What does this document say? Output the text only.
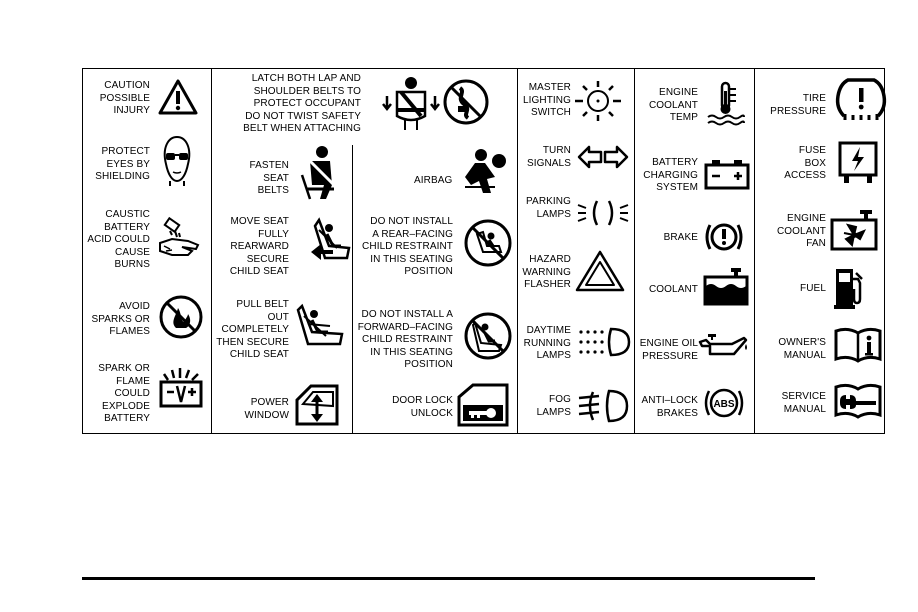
CAUTION
POSSIBLE
INJURY
PROTECT
EYES BY
SHIELDING
CAUSTIC
BATTERY
ACID COULD
CAUSE
BURNS
AVOID
SPARKS OR
FLAMES
SPARK OR
FLAME
COULD
EXPLODE
BATTERY
LATCH BOTH LAP AND
SHOULDER BELTS TO
PROTECT OCCUPANT
DO NOT TWIST SAFETY
BELT WHEN ATTACHING
FASTEN
SEAT
BELTS
MOVE SEAT
FULLY
REARWARD
SECURE
CHILD SEAT
PULL BELT
OUT
COMPLETELY
THEN SECURE
CHILD SEAT
POWER
WINDOW
AIRBAG
DO NOT INSTALL
A REAR–FACING
CHILD RESTRAINT
IN THIS SEATING
POSITION
DO NOT INSTALL A
FORWARD–FACING
CHILD RESTRAINT
IN THIS SEATING
POSITION
DOOR LOCK
UNLOCK
MASTER
LIGHTING
SWITCH
TURN
SIGNALS
PARKING
LAMPS
HAZARD
WARNING
FLASHER
DAYTIME
RUNNING
LAMPS
FOG
LAMPS
ENGINE
COOLANT
TEMP
BATTERY
CHARGING
SYSTEM
BRAKE
COOLANT
ENGINE OIL
PRESSURE
ANTI–LOCK
BRAKES
ABS
TIRE
PRESSURE
FUSE
BOX
ACCESS
ENGINE
COOLANT
FAN
FUEL
OWNER'S
MANUAL
SERVICE
MANUAL
